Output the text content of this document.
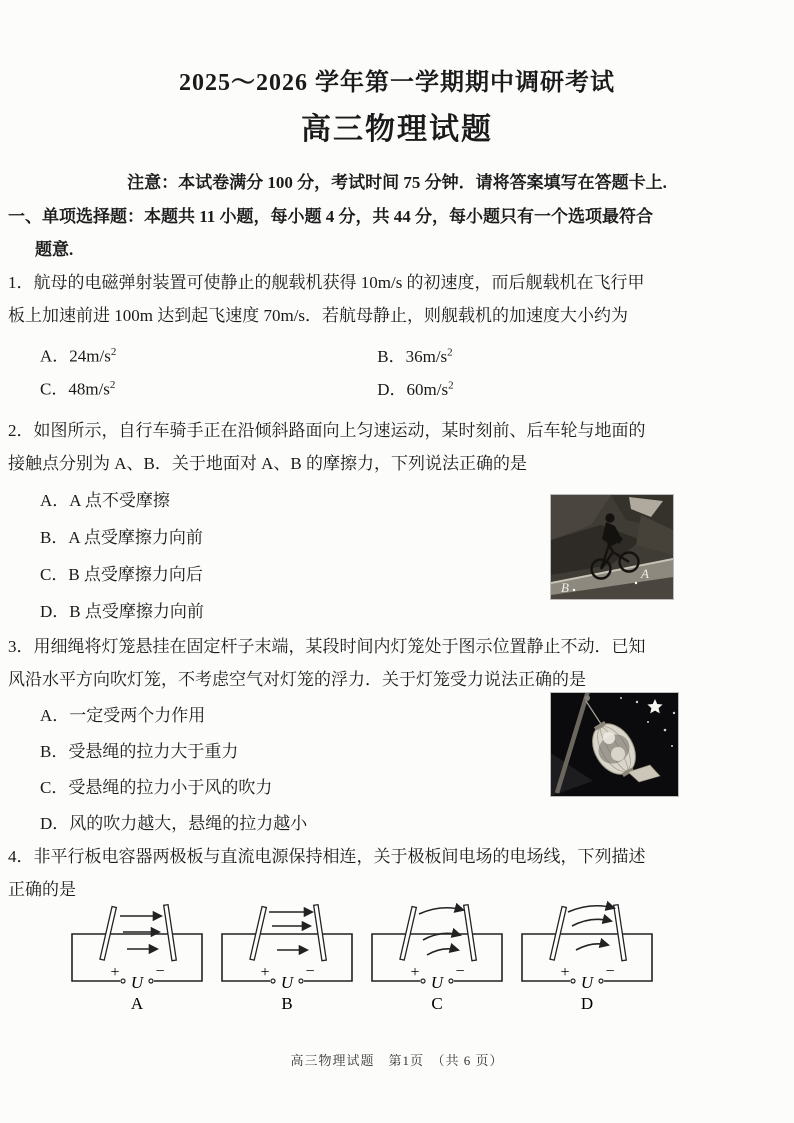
2025～2026 学年第一学期期中调研考试
高三物理试题
注意：本试卷满分 100 分，考试时间 75 分钟．请将答案填写在答题卡上.
一、单项选择题：本题共 11 小题，每小题 4 分，共 44 分，每小题只有一个选项最符合
题意.
1．航母的电磁弹射装置可使静止的舰载机获得 10m/s 的初速度，而后舰载机在飞行甲
板上加速前进 100m 达到起飞速度 70m/s．若航母静止，则舰载机的加速度大小约为
A．$24m/s^2$	B．$36m/s^2$
C．$48m/s^2$	D．$60m/s^2$
2．如图所示，自行车骑手正在沿倾斜路面向上匀速运动，某时刻前、后车轮与地面的
接触点分别为 A、B．关于地面对 A、B 的摩擦力，下列说法正确的是
A．A 点不受摩擦
B．A 点受摩擦力向前
C．B 点受摩擦力向后
D．B 点受摩擦力向前
3．用细绳将灯笼悬挂在固定杆子末端，某段时间内灯笼处于图示位置静止不动．已知
风沿水平方向吹灯笼，不考虑空气对灯笼的浮力．关于灯笼受力说法正确的是
A．一定受两个力作用
B．受悬绳的拉力大于重力
C．受悬绳的拉力小于风的吹力
D．风的吹力越大，悬绳的拉力越小
4．非平行板电容器两极板与直流电源保持相连，关于极板间电场的电场线，下列描述
正确的是
B
A
+ −
U
A
+ −
U
B
+ −
U
C
+ −
U
D
高三物理试题　第1页　（共 6 页）
